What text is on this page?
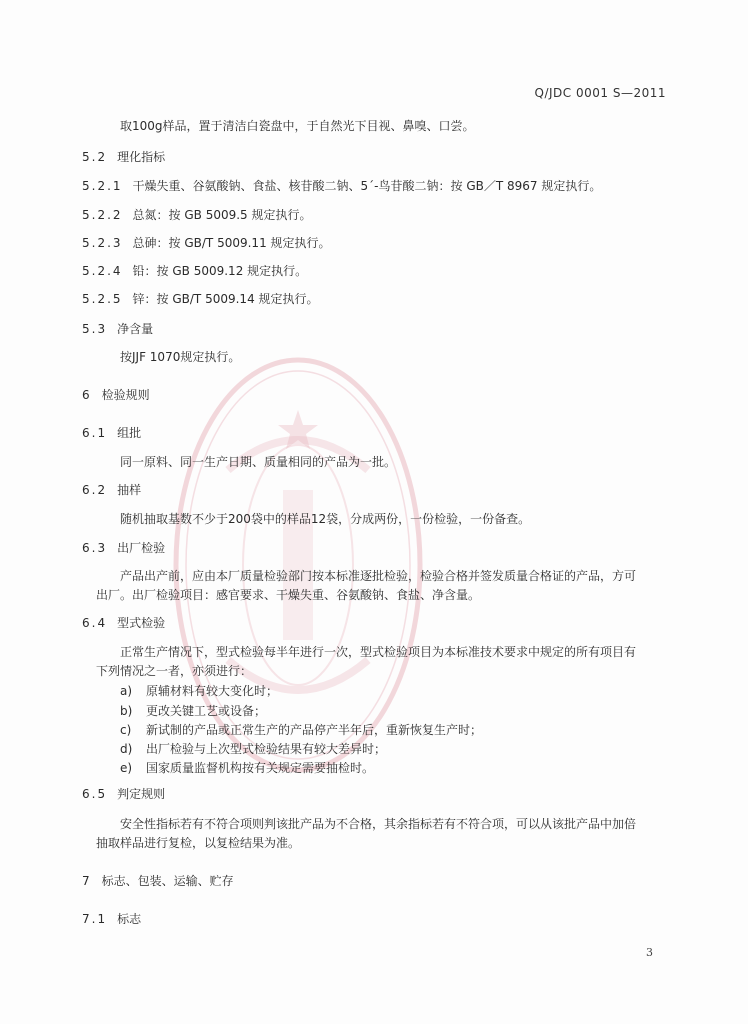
Q/JDC 0001 S—2011
取100g样品，置于清洁白瓷盘中，于自然光下目视、鼻嗅、口尝。
5.2 理化指标
5.2.1 干燥失重、谷氨酸钠、食盐、核苷酸二钠、5´-鸟苷酸二钠：按 GB／T 8967 规定执行。
5.2.2 总氮：按 GB 5009.5 规定执行。
5.2.3 总砷：按 GB/T 5009.11 规定执行。
5.2.4 铅：按 GB 5009.12 规定执行。
5.2.5 锌：按 GB/T 5009.14 规定执行。
5.3 净含量
按JJF 1070规定执行。
6 检验规则
6.1 组批
同一原料、同一生产日期、质量相同的产品为一批。
6.2 抽样
随机抽取基数不少于200袋中的样品12袋，分成两份，一份检验，一份备查。
6.3 出厂检验
产品出产前，应由本厂质量检验部门按本标准逐批检验，检验合格并签发质量合格证的产品，方可
出厂。出厂检验项目：感官要求、干燥失重、谷氨酸钠、食盐、净含量。
6.4 型式检验
正常生产情况下，型式检验每半年进行一次，型式检验项目为本标准技术要求中规定的所有项目有
下列情况之一者，亦须进行：
a) 原辅材料有较大变化时；
b) 更改关键工艺或设备；
c) 新试制的产品或正常生产的产品停产半年后，重新恢复生产时；
d) 出厂检验与上次型式检验结果有较大差异时；
e) 国家质量监督机构按有关规定需要抽检时。
6.5 判定规则
安全性指标若有不符合项则判该批产品为不合格，其余指标若有不符合项，可以从该批产品中加倍
抽取样品进行复检，以复检结果为准。
7 标志、包装、运输、贮存
7.1 标志
3
